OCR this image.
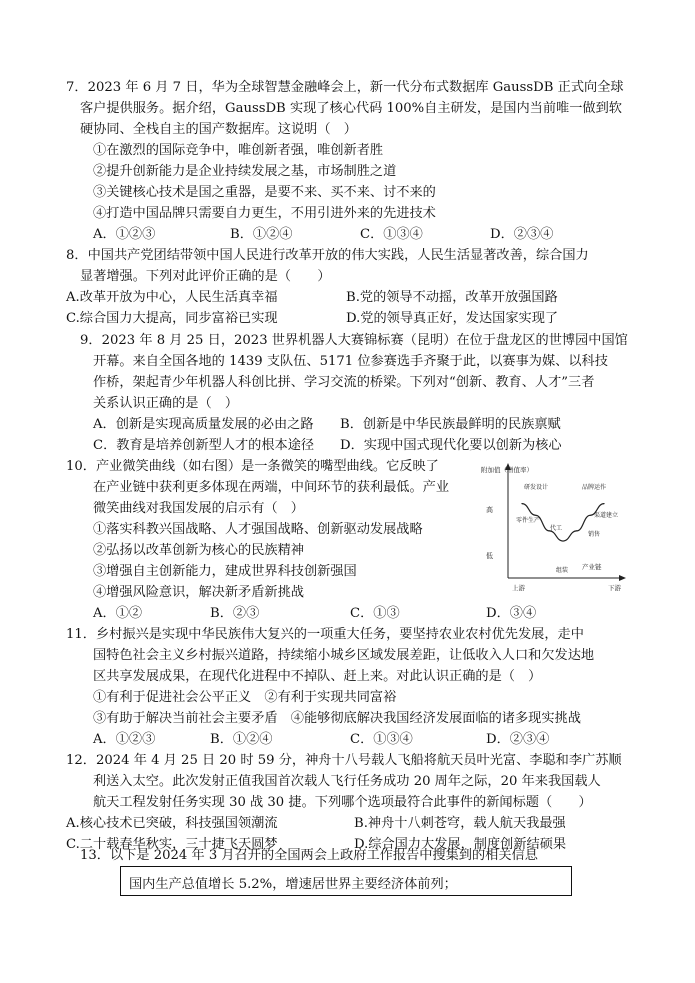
7．2023 年 6 月 7 日，华为全球智慧金融峰会上，新一代分布式数据库 GaussDB 正式向全球
客户提供服务。据介绍，GaussDB 实现了核心代码 100%自主研发，是国内当前唯一做到软
硬协同、全栈自主的国产数据库。这说明（　）
①在激烈的国际竞争中，唯创新者强，唯创新者胜
②提升创新能力是企业持续发展之基，市场制胜之道
③关键核心技术是国之重器，是要不来、买不来、讨不来的
④打造中国品牌只需要自力更生，不用引进外来的先进技术
A．①②③	B．①②④	C．①③④	D．②③④
8．中国共产党团结带领中国人民进行改革开放的伟大实践，人民生活显著改善，综合国力
显著增强。下列对此评价正确的是（　　）
A.改革开放为中心，人民生活真幸福	B.党的领导不动摇，改革开放强国路
C.综合国力大提高，同步富裕已实现	D.党的领导真正好，发达国家实现了
9．2023 年 8 月 25 日，2023 世界机器人大赛锦标赛（昆明）在位于盘龙区的世博园中国馆
开幕。来自全国各地的 1439 支队伍、5171 位参赛选手齐聚于此，以赛事为媒、以科技
作桥，架起青少年机器人科创比拼、学习交流的桥梁。下列对“创新、教育、人才”三者
关系认识正确的是（　）
A．创新是实现高质量发展的必由之路 B．创新是中华民族最鲜明的民族禀赋
C．教育是培养创新型人才的根本途径 D．实现中国式现代化要以创新为核心
10．产业微笑曲线（如右图）是一条微笑的嘴型曲线。它反映了
在产业链中获利更多体现在两端，中间环节的获利最低。产业
微笑曲线对我国发展的启示有（　）
①落实科教兴国战略、人才强国战略、创新驱动发展战略
②弘扬以改革创新为核心的民族精神
③增强自主创新能力，建成世界科技创新强国
④增强风险意识，解决新矛盾新挑战
A．①②	B．②③	C．①③	D．③④
附加值（增值率）
高
低
产业链
上游	下游
研发设计	品牌运作
零件生产
代工
渠道建立
销售
组装
11．乡村振兴是实现中华民族伟大复兴的一项重大任务，要坚持农业农村优先发展，走中
国特色社会主义乡村振兴道路，持续缩小城乡区域发展差距，让低收入人口和欠发达地
区共享发展成果，在现代化进程中不掉队、赶上来。对此认识正确的是（　）
①有利于促进社会公平正义　②有利于实现共同富裕
③有助于解决当前社会主要矛盾　④能够彻底解决我国经济发展面临的诸多现实挑战
A．①②③	B．①②④	C．①③④	D．②③④
12．2024 年 4 月 25 日 20 时 59 分，神舟十八号载人飞船将航天员叶光富、李聪和李广苏顺
利送入太空。此次发射正值我国首次载人飞行任务成功 20 周年之际，20 年来我国载人
航天工程发射任务实现 30 战 30 捷。下列哪个选项最符合此事件的新闻标题（　　）
A.核心技术已突破，科技强国领潮流	B.神舟十八刺苍穹，载人航天我最强
C.二十载春华秋实，三十捷飞天圆梦	D.综合国力大发展，制度创新结硕果
13．以下是 2024 年 3 月召开的全国两会上政府工作报告中搜集到的相关信息
国内生产总值增长 5.2%，增速居世界主要经济体前列；
